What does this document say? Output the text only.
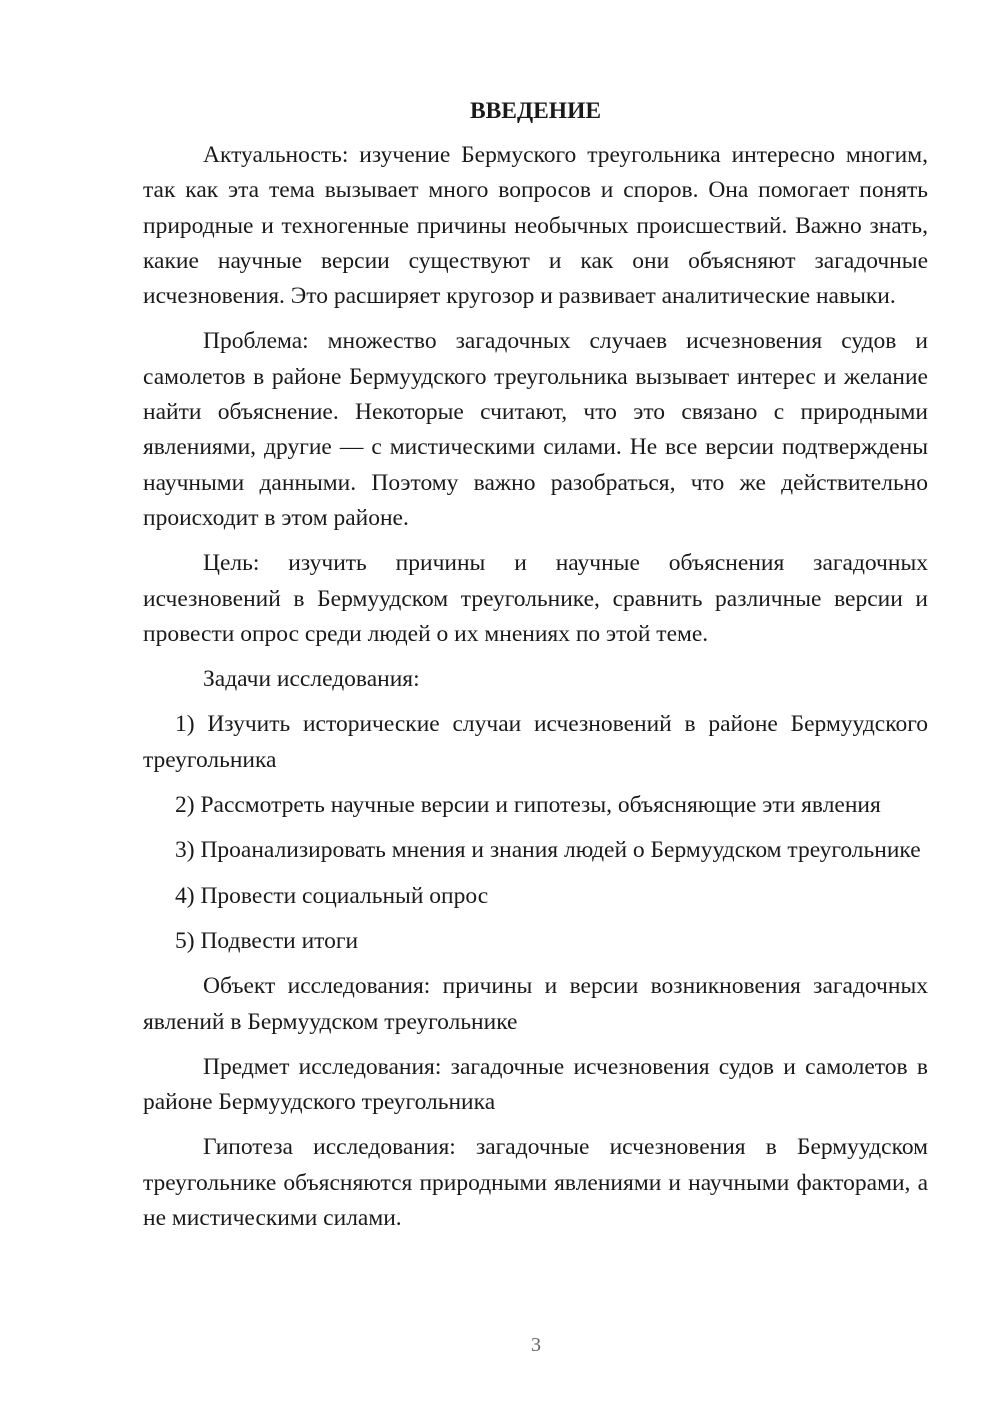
ВВЕДЕНИЕ

Актуальность: изучение Бермуского треугольника интересно многим, так как эта тема вызывает много вопросов и споров. Она помогает понять природные и техногенные причины необычных происшествий. Важно знать, какие научные версии существуют и как они объясняют загадочные исчезновения. Это расширяет кругозор и развивает аналитические навыки.

Проблема: множество загадочных случаев исчезновения судов и самолетов в районе Бермуудского треугольника вызывает интерес и желание найти объяснение. Некоторые считают, что это связано с природными явлениями, другие — с мистическими силами. Не все версии подтверждены научными данными. Поэтому важно разобраться, что же действительно происходит в этом районе.

Цель: изучить причины и научные объяснения загадочных исчезновений в Бермуудском треугольнике, сравнить различные версии и провести опрос среди людей о их мнениях по этой теме.

Задачи исследования:

1) Изучить исторические случаи исчезновений в районе Бермуудского треугольника

2) Рассмотреть научные версии и гипотезы, объясняющие эти явления

3) Проанализировать мнения и знания людей о Бермуудском треугольнике

4) Провести социальный опрос

5) Подвести итоги

Объект исследования: причины и версии возникновения загадочных явлений в Бермуудском треугольнике

Предмет исследования: загадочные исчезновения судов и самолетов в районе Бермуудского треугольника

Гипотеза исследования: загадочные исчезновения в Бермуудском треугольнике объясняются природными явлениями и научными факторами, а не мистическими силами.

3
